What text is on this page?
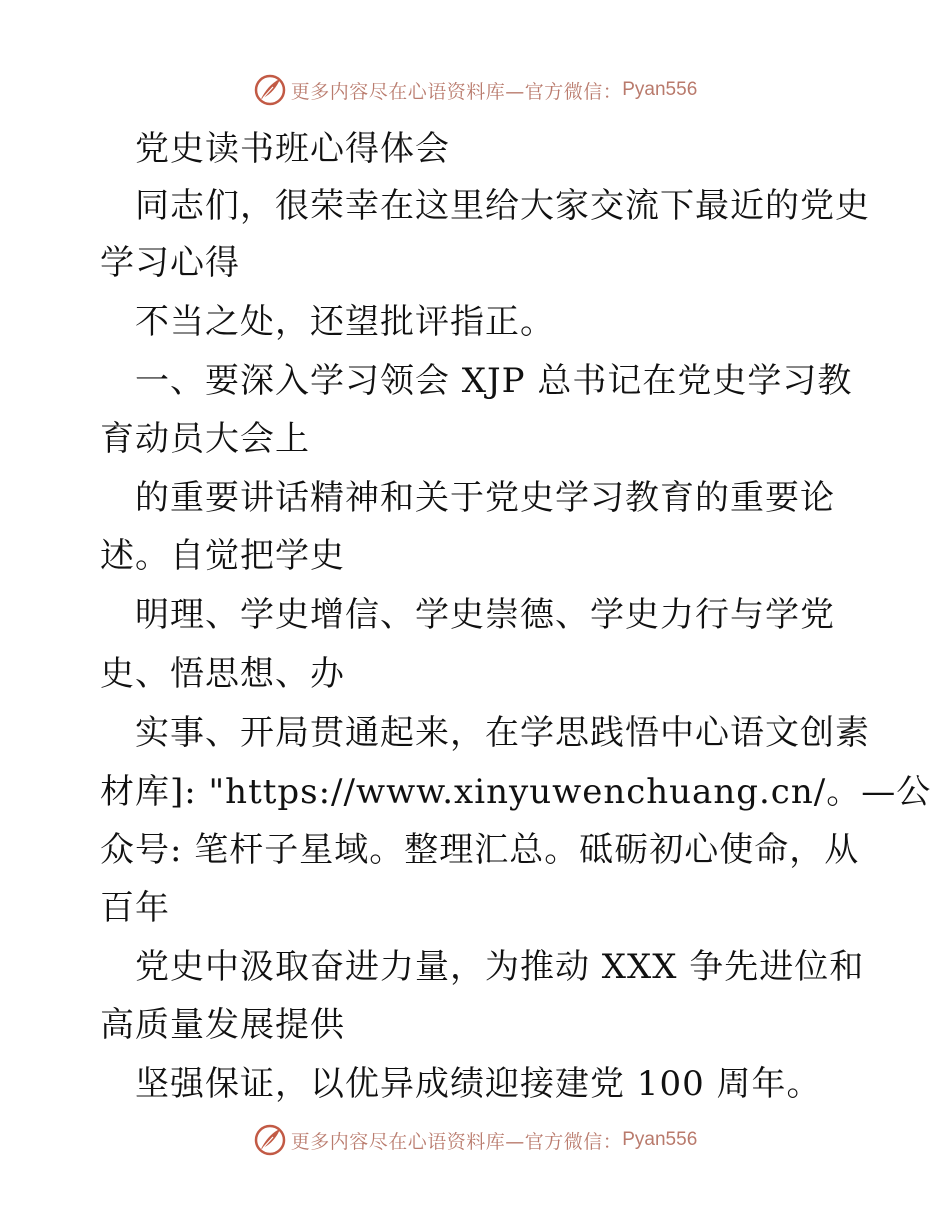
更多内容尽在心语资料库—官方微信： Pyan556
党史读书班心得体会
同志们，很荣幸在这里给大家交流下最近的党史
学习心得
不当之处，还望批评指正。
一、要深入学习领会 XJP 总书记在党史学习教
育动员大会上
的重要讲话精神和关于党史学习教育的重要论
述。自觉把学史
明理、学史增信、学史崇德、学史力行与学党
史、悟思想、办
实事、开局贯通起来，在学思践悟中心语文创素
材库]: "https://www.xinyuwenchuang.cn/。—公
众号: 笔杆子星域。整理汇总。砥砺初心使命，从
百年
党史中汲取奋进力量，为推动 XXX 争先进位和
高质量发展提供
坚强保证，以优异成绩迎接建党 100 周年。
更多内容尽在心语资料库—官方微信： Pyan556
